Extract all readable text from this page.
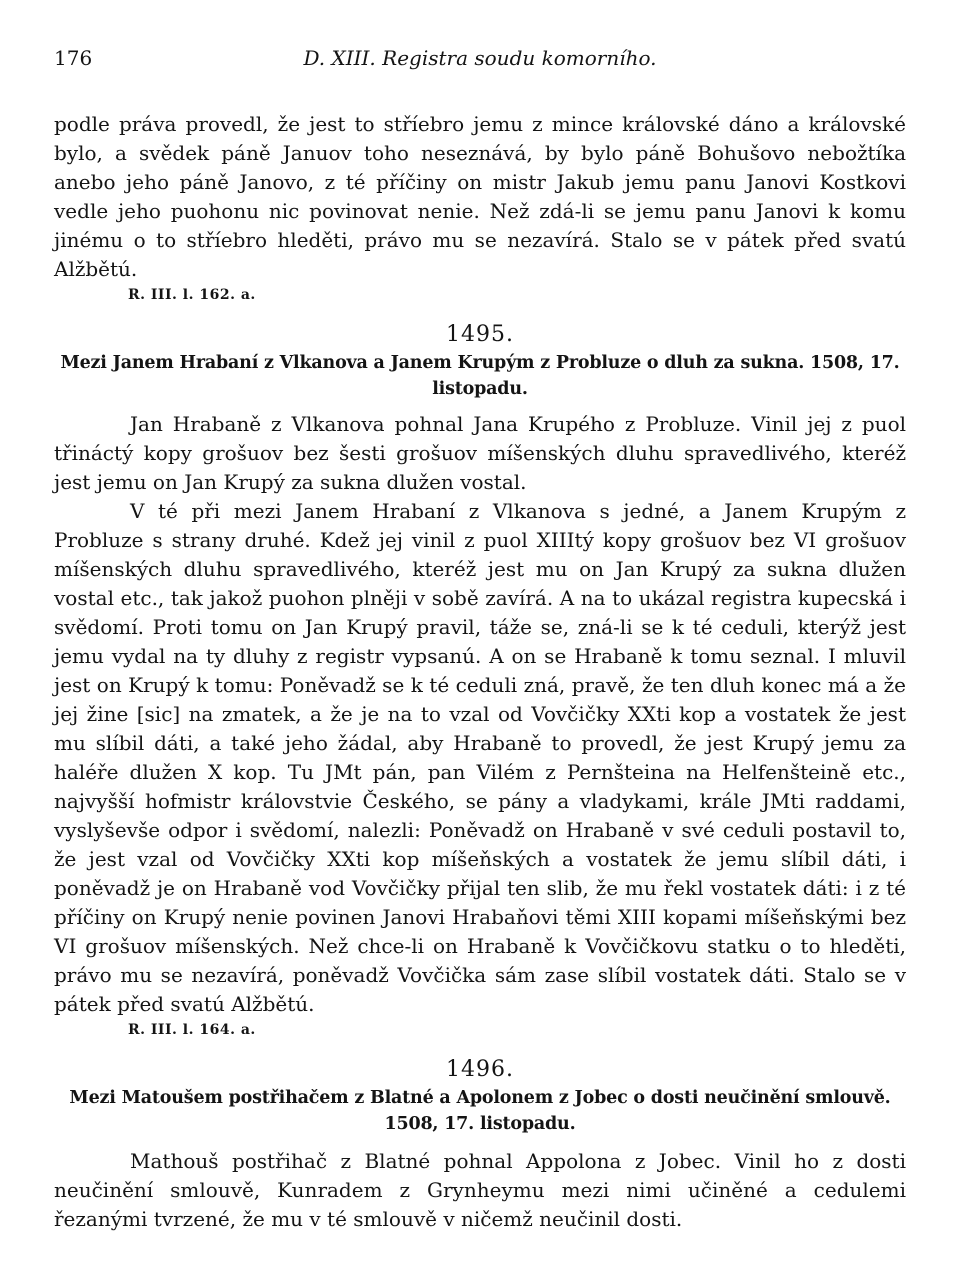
176	D. XIII. Registra soudu komorního.

podle práva provedl, že jest to stříebro jemu z mince královské dáno a královské bylo, a svědek páně Januov toho neseznává, by bylo páně Bohušovo nebožtíka anebo jeho páně Janovo, z té příčiny on mistr Jakub jemu panu Janovi Kostkovi vedle jeho puohonu nic povinovat nenie. Než zdá-li se jemu panu Janovi k komu jinému o to stříebro hleděti, právo mu se nezavírá. Stalo se v pátek před svatú Alžbětú.

R. III. l. 162. a.

1495.

Mezi Janem Hrabaní z Vlkanova a Janem Krupým z Probluze o dluh za sukna. 1508, 17. listopadu.

Jan Hrabaně z Vlkanova pohnal Jana Krupého z Probluze. Vinil jej z puol třináctý kopy grošuov bez šesti grošuov míšenských dluhu spravedlivého, kteréž jest jemu on Jan Krupý za sukna dlužen vostal.

V té při mezi Janem Hrabaní z Vlkanova s jedné, a Janem Krupým z Probluze s strany druhé. Kdež jej vinil z puol XIIItý kopy grošuov bez VI grošuov míšenských dluhu spravedlivého, kteréž jest mu on Jan Krupý za sukna dlužen vostal etc., tak jakož puohon plněji v sobě zavírá. A na to ukázal registra kupecská i svědomí. Proti tomu on Jan Krupý pravil, táže se, zná-li se k té ceduli, kterýž jest jemu vydal na ty dluhy z registr vypsanú. A on se Hrabaně k tomu seznal. I mluvil jest on Krupý k tomu: Poněvadž se k té ceduli zná, pravě, že ten dluh konec má a že jej žine [sic] na zmatek, a že je na to vzal od Vovčičky XXti kop a vostatek že jest mu slíbil dáti, a také jeho žádal, aby Hrabaně to provedl, že jest Krupý jemu za haléře dlužen X kop. Tu JMt pán, pan Vilém z Pernšteina na Helfenšteině etc., najvyšší hofmistr královstvie Českého, se pány a vladykami, krále JMti raddami, vyslyševše odpor i svědomí, nalezli: Poněvadž on Hrabaně v své ceduli postavil to, že jest vzal od Vovčičky XXti kop míšeňských a vostatek že jemu slíbil dáti, i poněvadž je on Hrabaně vod Vovčičky přijal ten slib, že mu řekl vostatek dáti: i z té příčiny on Krupý nenie povinen Janovi Hrabaňovi těmi XIII kopami míšeňskými bez VI grošuov míšenských. Než chce-li on Hrabaně k Vovčičkovu statku o to hleděti, právo mu se nezavírá, poněvadž Vovčička sám zase slíbil vostatek dáti. Stalo se v pátek před svatú Alžbětú.

R. III. l. 164. a.

1496.

Mezi Matoušem postřihačem z Blatné a Apolonem z Jobec o dosti neučinění smlouvě.

1508, 17. listopadu.

Mathouš postřihač z Blatné pohnal Appolona z Jobec. Vinil ho z dosti neučinění smlouvě, Kunradem z Grynheymu mezi nimi učiněné a cedulemi řezanými tvrzené, že mu v té smlouvě v ničemž neučinil dosti.
